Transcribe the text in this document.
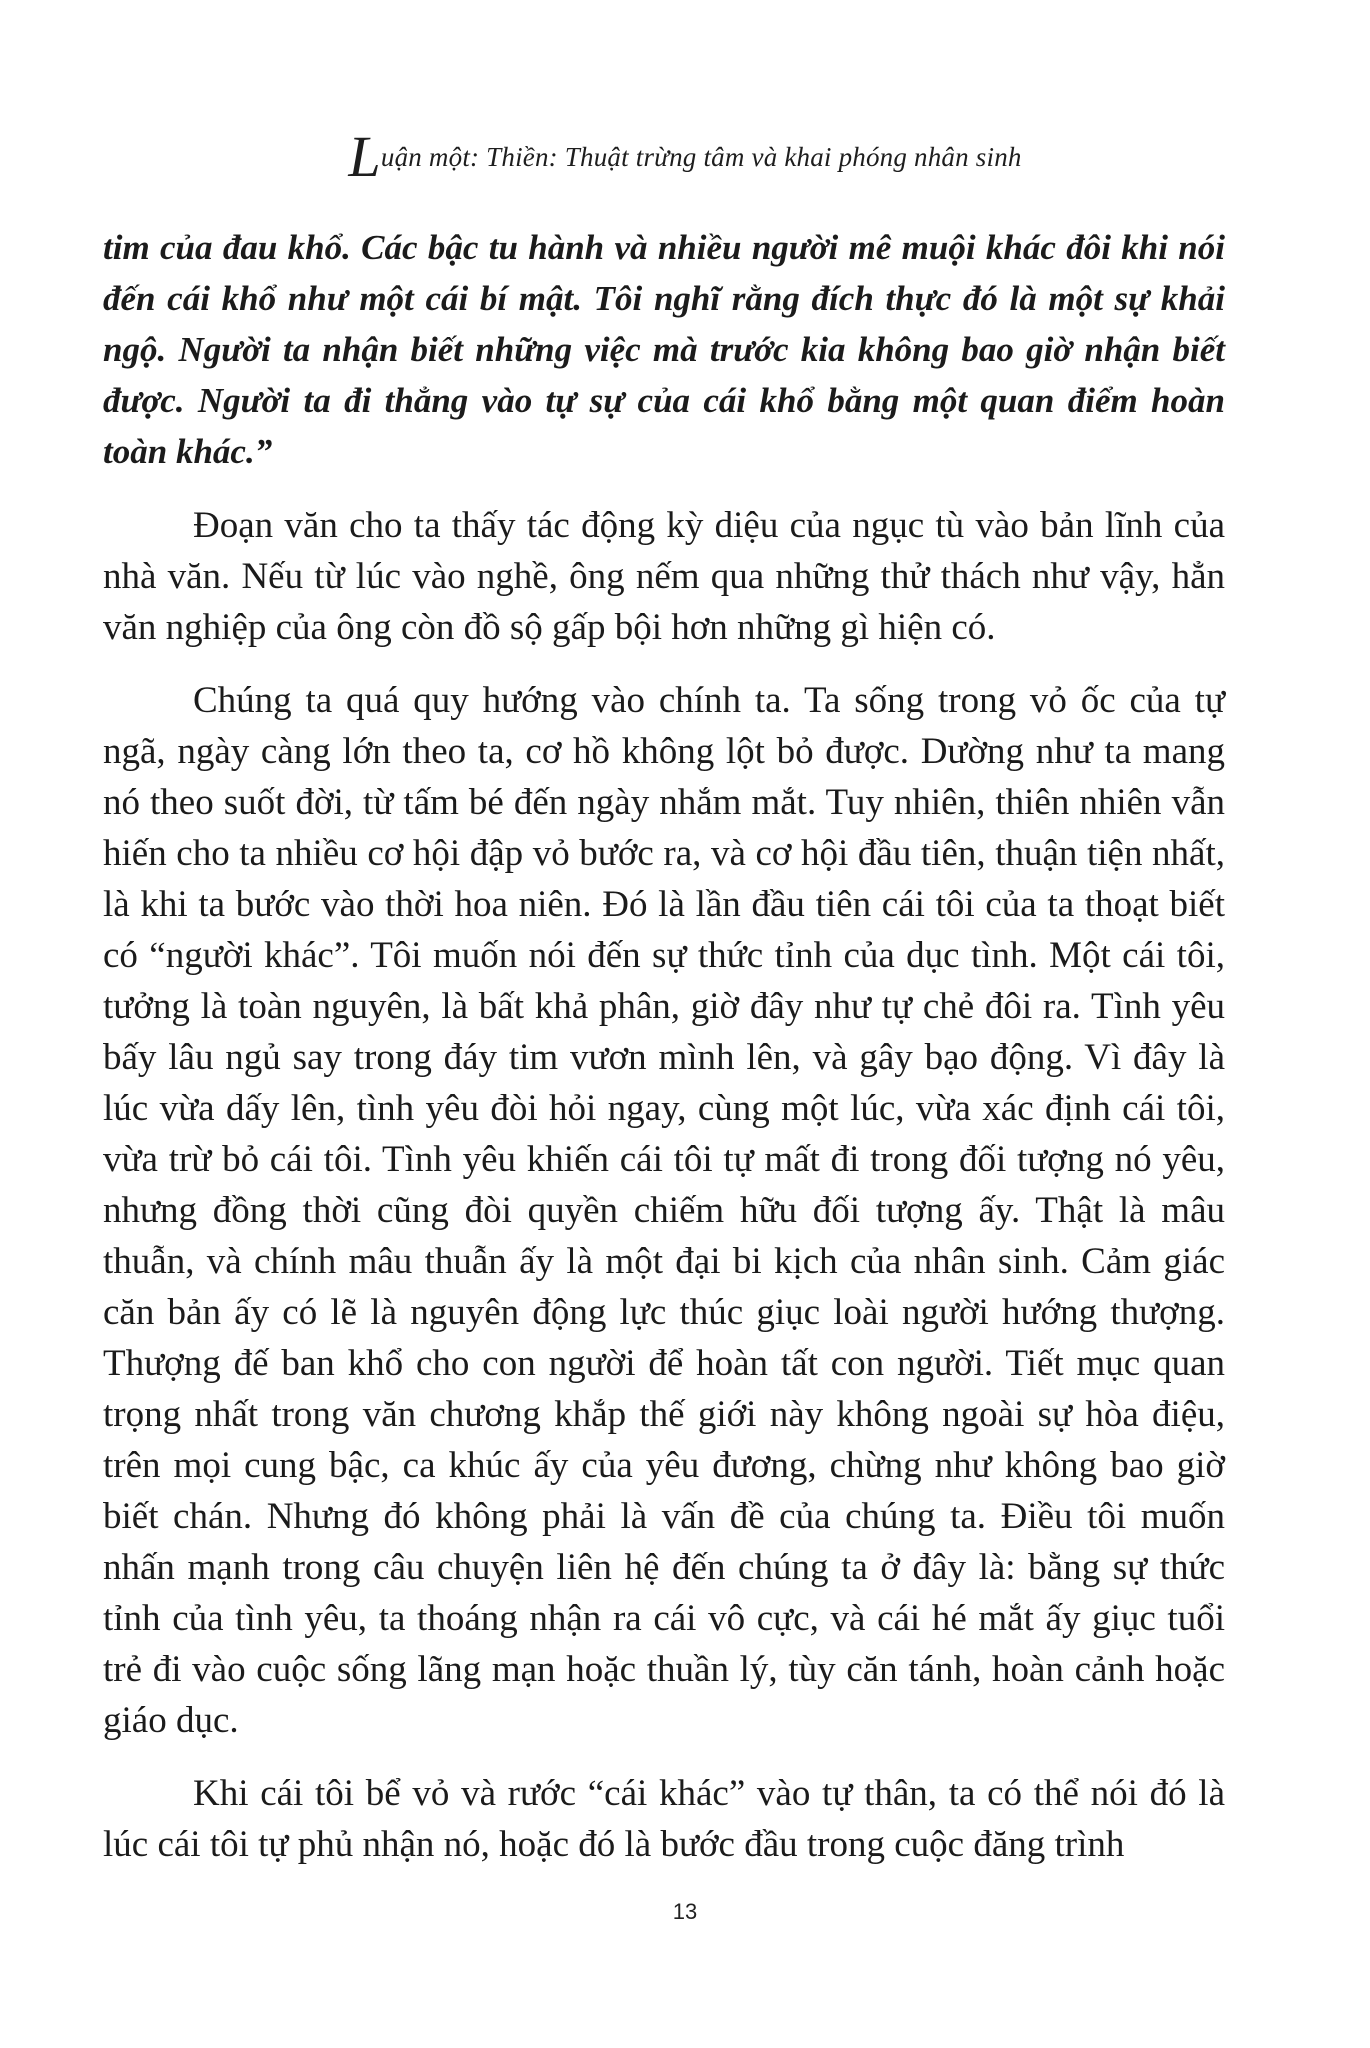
Luận một: Thiền: Thuật trừng tâm và khai phóng nhân sinh

tim của đau khổ. Các bậc tu hành và nhiều người mê muội khác đôi khi nói đến cái khổ như một cái bí mật. Tôi nghĩ rằng đích thực đó là một sự khải ngộ. Người ta nhận biết những việc mà trước kia không bao giờ nhận biết được. Người ta đi thẳng vào tự sự của cái khổ bằng một quan điểm hoàn toàn khác.”

Đoạn văn cho ta thấy tác động kỳ diệu của ngục tù vào bản lĩnh của nhà văn. Nếu từ lúc vào nghề, ông nếm qua những thử thách như vậy, hẳn văn nghiệp của ông còn đồ sộ gấp bội hơn những gì hiện có.

Chúng ta quá quy hướng vào chính ta. Ta sống trong vỏ ốc của tự ngã, ngày càng lớn theo ta, cơ hồ không lột bỏ được. Dường như ta mang nó theo suốt đời, từ tấm bé đến ngày nhắm mắt. Tuy nhiên, thiên nhiên vẫn hiến cho ta nhiều cơ hội đập vỏ bước ra, và cơ hội đầu tiên, thuận tiện nhất, là khi ta bước vào thời hoa niên. Đó là lần đầu tiên cái tôi của ta thoạt biết có “người khác”. Tôi muốn nói đến sự thức tỉnh của dục tình. Một cái tôi, tưởng là toàn nguyên, là bất khả phân, giờ đây như tự chẻ đôi ra. Tình yêu bấy lâu ngủ say trong đáy tim vươn mình lên, và gây bạo động. Vì đây là lúc vừa dấy lên, tình yêu đòi hỏi ngay, cùng một lúc, vừa xác định cái tôi, vừa trừ bỏ cái tôi. Tình yêu khiến cái tôi tự mất đi trong đối tượng nó yêu, nhưng đồng thời cũng đòi quyền chiếm hữu đối tượng ấy. Thật là mâu thuẫn, và chính mâu thuẫn ấy là một đại bi kịch của nhân sinh. Cảm giác căn bản ấy có lẽ là nguyên động lực thúc giục loài người hướng thượng. Thượng đế ban khổ cho con người để hoàn tất con người. Tiết mục quan trọng nhất trong văn chương khắp thế giới này không ngoài sự hòa điệu, trên mọi cung bậc, ca khúc ấy của yêu đương, chừng như không bao giờ biết chán. Nhưng đó không phải là vấn đề của chúng ta. Điều tôi muốn nhấn mạnh trong câu chuyện liên hệ đến chúng ta ở đây là: bằng sự thức tỉnh của tình yêu, ta thoáng nhận ra cái vô cực, và cái hé mắt ấy giục tuổi trẻ đi vào cuộc sống lãng mạn hoặc thuần lý, tùy căn tánh, hoàn cảnh hoặc giáo dục.

Khi cái tôi bể vỏ và rước “cái khác” vào tự thân, ta có thể nói đó là lúc cái tôi tự phủ nhận nó, hoặc đó là bước đầu trong cuộc đăng trình

13
